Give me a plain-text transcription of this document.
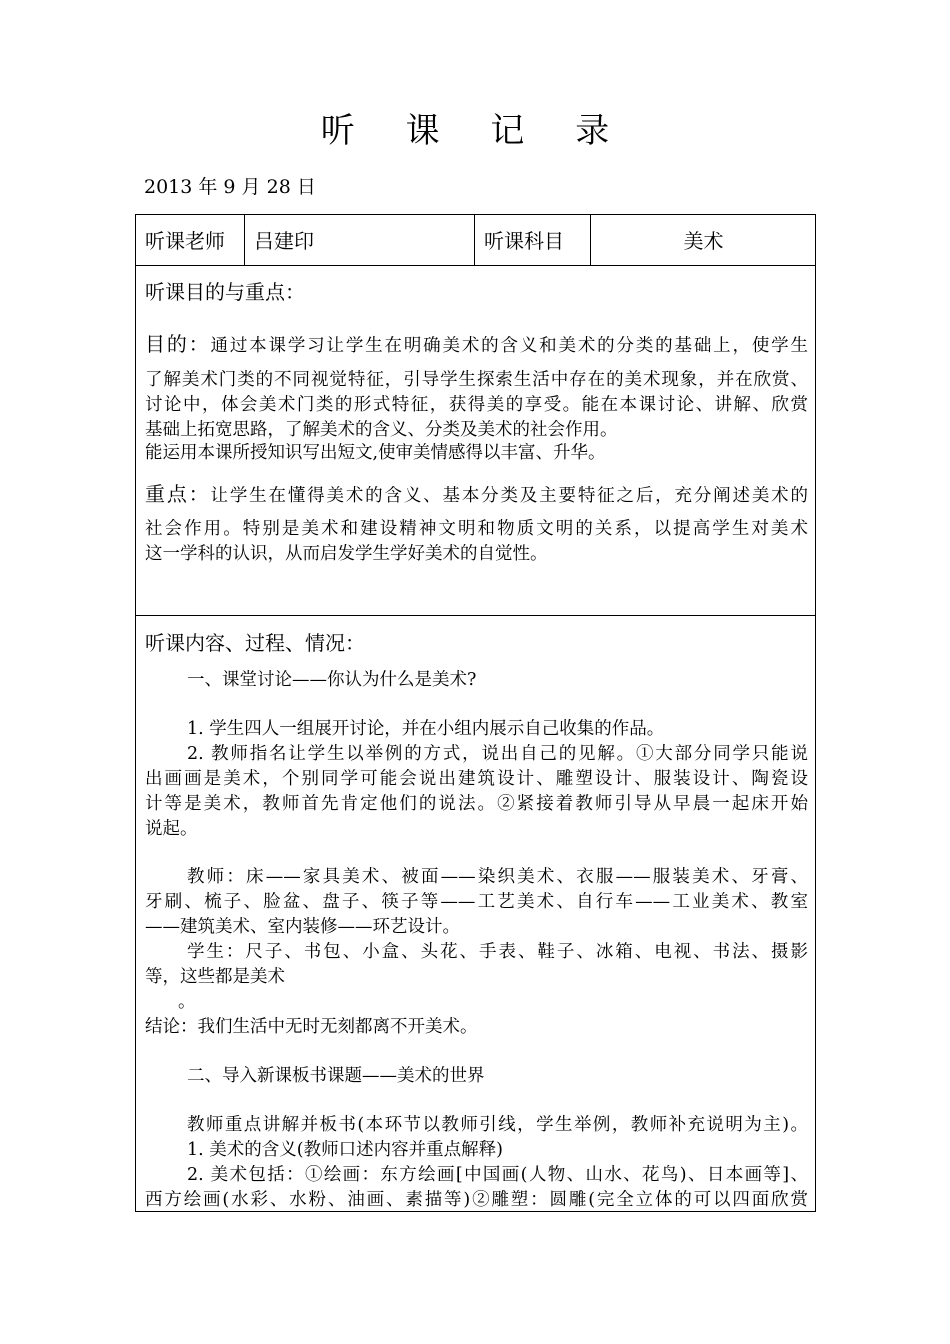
听 课 记 录
2013 年 9 月 28 日
听课老师 吕建印	听课科目	美术
听课目的与重点：
目的：通过本课学习让学生在明确美术的含义和美术的分类的基础上，使学生
了解美术门类的不同视觉特征，引导学生探索生活中存在的美术现象，并在欣赏、
讨论中，体会美术门类的形式特征，获得美的享受。能在本课讨论、讲解、欣赏
基础上拓宽思路，了解美术的含义、分类及美术的社会作用。
能运用本课所授知识写出短文,使审美情感得以丰富、升华。
重点：让学生在懂得美术的含义、基本分类及主要特征之后，充分阐述美术的
社会作用。特别是美术和建设精神文明和物质文明的关系，以提高学生对美术
这一学科的认识，从而启发学生学好美术的自觉性。
听课内容、过程、情况：
一、课堂讨论——你认为什么是美术?
1. 学生四人一组展开讨论，并在小组内展示自己收集的作品。
2. 教师指名让学生以举例的方式，说出自己的见解。①大部分同学只能说
出画画是美术，个别同学可能会说出建筑设计、雕塑设计、服装设计、陶瓷设
计等是美术，教师首先肯定他们的说法。②紧接着教师引导从早晨一起床开始
说起。
教师：床——家具美术、被面——染织美术、衣服——服装美术、牙膏、
牙刷、梳子、脸盆、盘子、筷子等——工艺美术、自行车——工业美术、教室
——建筑美术、室内装修——环艺设计。
学生：尺子、书包、小盒、头花、手表、鞋子、冰箱、电视、书法、摄影
等，这些都是美术
。
结论：我们生活中无时无刻都离不开美术。
二、导入新课板书课题——美术的世界
教师重点讲解并板书(本环节以教师引线，学生举例，教师补充说明为主)。
1. 美术的含义(教师口述内容并重点解释)
2. 美术包括：①绘画：东方绘画[中国画(人物、山水、花鸟)、日本画等]、
西方绘画(水彩、水粉、油画、素描等)②雕塑：圆雕(完全立体的可以四面欣赏
